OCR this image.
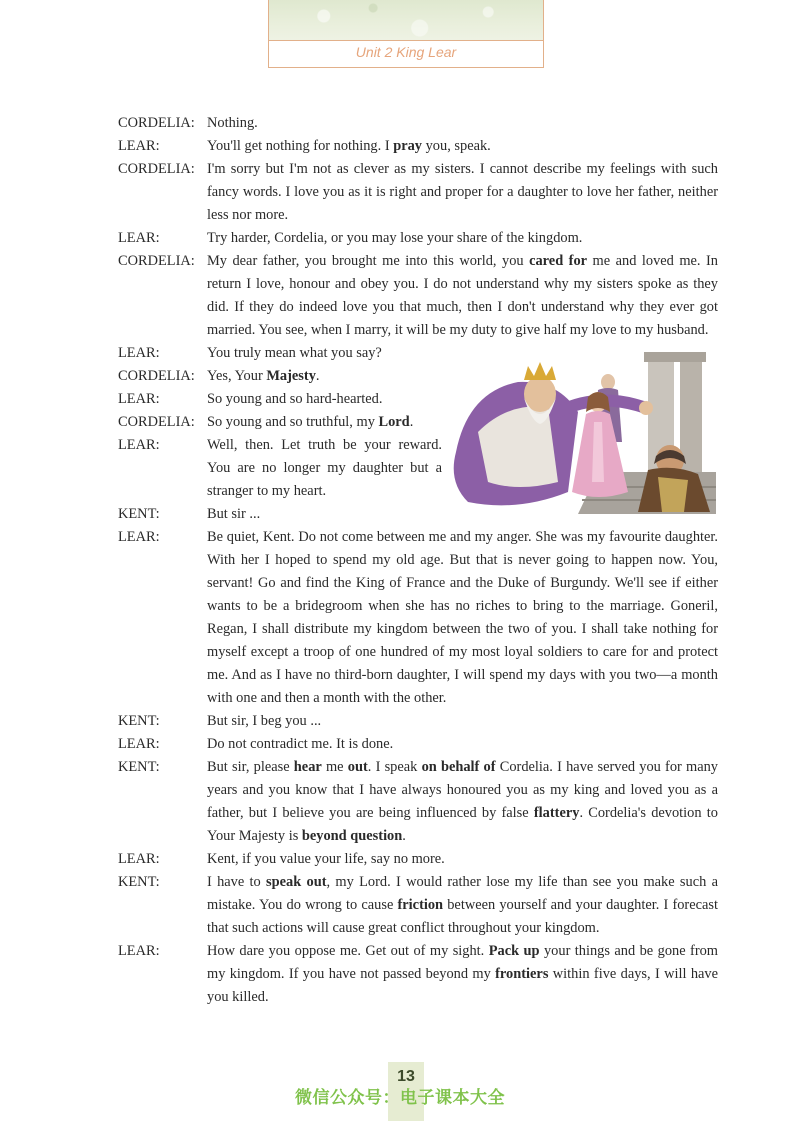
Unit 2 King Lear
CORDELIA: Nothing.
LEAR:	You'll get nothing for nothing. I pray you, speak.
CORDELIA: I'm sorry but I'm not as clever as my sisters. I cannot describe my feelings with such fancy words. I love you as it is right and proper for a daughter to love her father, neither less nor more.
LEAR:	Try harder, Cordelia, or you may lose your share of the kingdom.
CORDELIA: My dear father, you brought me into this world, you cared for me and loved me. In return I love, honour and obey you. I do not understand why my sisters spoke as they did. If they do indeed love you that much, then I don't understand why they ever got married. You see, when I marry, it will be my duty to give half my love to my husband.
LEAR:	You truly mean what you say?
CORDELIA: Yes, Your Majesty.
LEAR:	So young and so hard-hearted.
CORDELIA: So young and so truthful, my Lord.
LEAR:	Well, then. Let truth be your reward. You are no longer my daughter but a stranger to my heart.
KENT:	But sir ...
LEAR:	Be quiet, Kent. Do not come between me and my anger. She was my favourite daughter. With her I hoped to spend my old age. But that is never going to happen now. You, servant! Go and find the King of France and the Duke of Burgundy. We'll see if either wants to be a bridegroom when she has no riches to bring to the marriage. Goneril, Regan, I shall distribute my kingdom between the two of you. I shall take nothing for myself except a troop of one hundred of my most loyal soldiers to care for and protect me. And as I have no third-born daughter, I will spend my days with you two—a month with one and then a month with the other.
KENT:	But sir, I beg you ...
LEAR:	Do not contradict me. It is done.
KENT:	But sir, please hear me out. I speak on behalf of Cordelia. I have served you for many years and you know that I have always honoured you as my king and loved you as a father, but I believe you are being influenced by false flattery. Cordelia's devotion to Your Majesty is beyond question.
LEAR:	Kent, if you value your life, say no more.
KENT:	I have to speak out, my Lord. I would rather lose my life than see you make such a mistake. You do wrong to cause friction between yourself and your daughter. I forecast that such actions will cause great conflict throughout your kingdom.
LEAR:	How dare you oppose me. Get out of my sight. Pack up your things and be gone from my kingdom. If you have not passed beyond my frontiers within five days, I will have you killed.
13
微信公众号：电子课本大全
